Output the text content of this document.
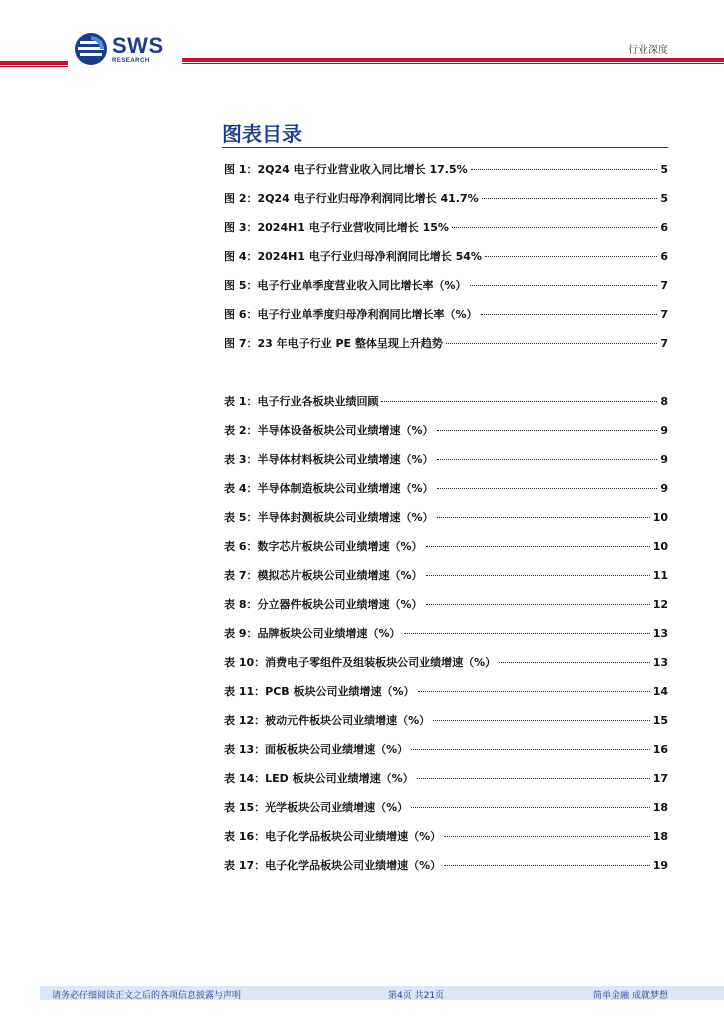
SWS
RESEARCH
行业深度
图表目录
图 1：2Q24 电子行业营业收入同比增长 17.5%	5
图 2：2Q24 电子行业归母净利润同比增长 41.7%	5
图 3：2024H1 电子行业营收同比增长 15%	6
图 4：2024H1 电子行业归母净利润同比增长 54%	6
图 5：电子行业单季度营业收入同比增长率（%）	7
图 6：电子行业单季度归母净利润同比增长率（%）	7
图 7：23 年电子行业 PE 整体呈现上升趋势	7
表 1：电子行业各板块业绩回顾	8
表 2：半导体设备板块公司业绩增速（%）	9
表 3：半导体材料板块公司业绩增速（%）	9
表 4：半导体制造板块公司业绩增速（%）	9
表 5：半导体封测板块公司业绩增速（%）	10
表 6：数字芯片板块公司业绩增速（%）	10
表 7：模拟芯片板块公司业绩增速（%）	11
表 8：分立器件板块公司业绩增速（%）	12
表 9：品牌板块公司业绩增速（%）	13
表 10：消费电子零组件及组装板块公司业绩增速（%）	13
表 11：PCB 板块公司业绩增速（%）	14
表 12：被动元件板块公司业绩增速（%）	15
表 13：面板板块公司业绩增速（%）	16
表 14：LED 板块公司业绩增速（%）	17
表 15：光学板块公司业绩增速（%）	18
表 16：电子化学品板块公司业绩增速（%）	18
表 17：电子化学品板块公司业绩增速（%）	19
请务必仔细阅读正文之后的各项信息披露与声明	第4页 共21页	简单金融 成就梦想
